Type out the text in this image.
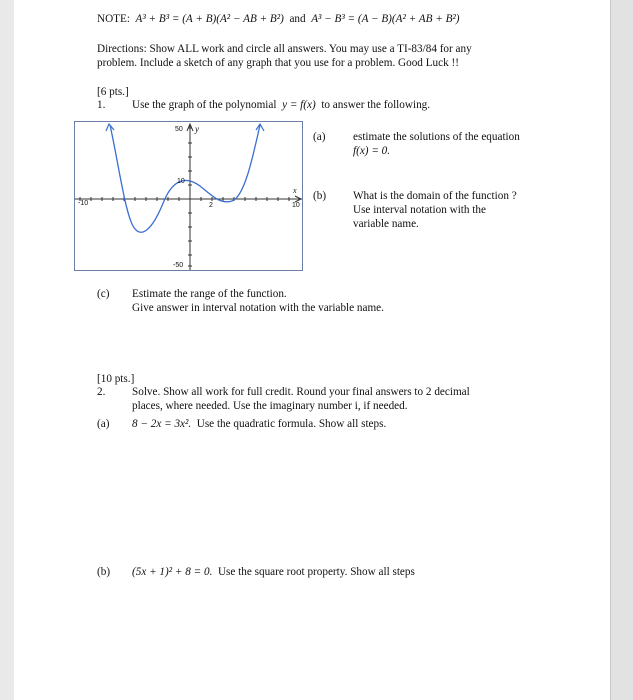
NOTE: A³ + B³ = (A + B)(A² − AB + B²) and A³ − B³ = (A − B)(A² + AB + B²)
Directions: Show ALL work and circle all answers. You may use a TI-83/84 for any
problem. Include a sketch of any graph that you use for a problem. Good Luck !!
[6 pts.]
1. Use the graph of the polynomial y = f(x) to answer the following.
50 y
10
x
-10	2	10
-50
(a) estimate the solutions of the equation
f(x) = 0.
(b) What is the domain of the function ?
Use interval notation with the
variable name.
(c) Estimate the range of the function.
Give answer in interval notation with the variable name.
[10 pts.]
2. Solve. Show all work for full credit. Round your final answers to 2 decimal
places, where needed. Use the imaginary number i, if needed.
(a) 8 − 2x = 3x². Use the quadratic formula. Show all steps.
(b) (5x + 1)² + 8 = 0. Use the square root property. Show all steps
